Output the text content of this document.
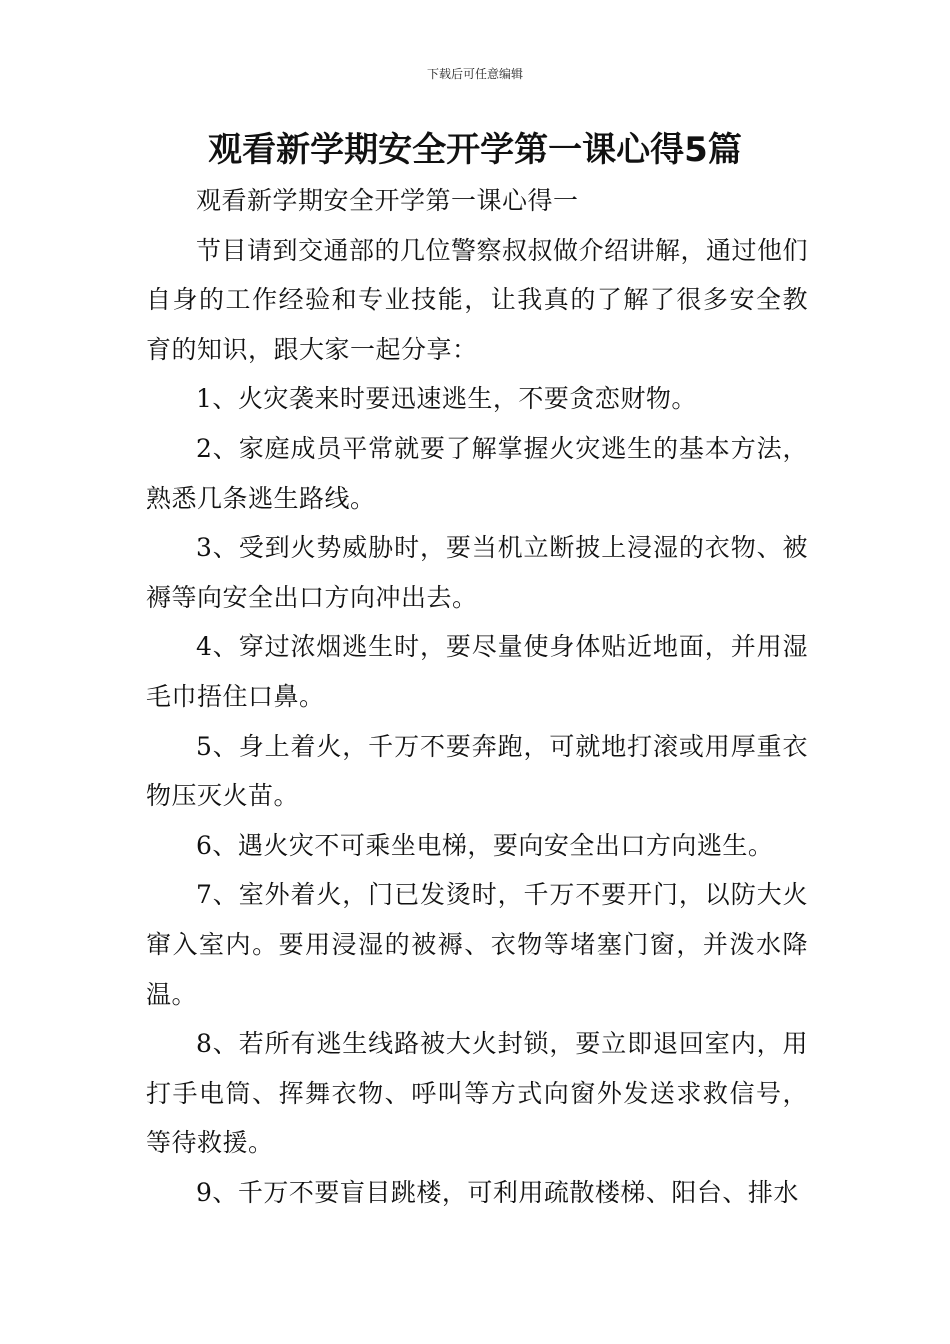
下载后可任意编辑
观看新学期安全开学第一课心得5篇

观看新学期安全开学第一课心得一

节目请到交通部的几位警察叔叔做介绍讲解，通过他们自身的工作经验和专业技能，让我真的了解了很多安全教育的知识，跟大家一起分享：

1、火灾袭来时要迅速逃生，不要贪恋财物。

2、家庭成员平常就要了解掌握火灾逃生的基本方法，熟悉几条逃生路线。

3、受到火势威胁时，要当机立断披上浸湿的衣物、被褥等向安全出口方向冲出去。

4、穿过浓烟逃生时，要尽量使身体贴近地面，并用湿毛巾捂住口鼻。

5、身上着火，千万不要奔跑，可就地打滚或用厚重衣物压灭火苗。

6、遇火灾不可乘坐电梯，要向安全出口方向逃生。

7、室外着火，门已发烫时，千万不要开门，以防大火窜入室内。要用浸湿的被褥、衣物等堵塞门窗，并泼水降温。

8、若所有逃生线路被大火封锁，要立即退回室内，用打手电筒、挥舞衣物、呼叫等方式向窗外发送求救信号，等待救援。

9、千万不要盲目跳楼，可利用疏散楼梯、阳台、排水
